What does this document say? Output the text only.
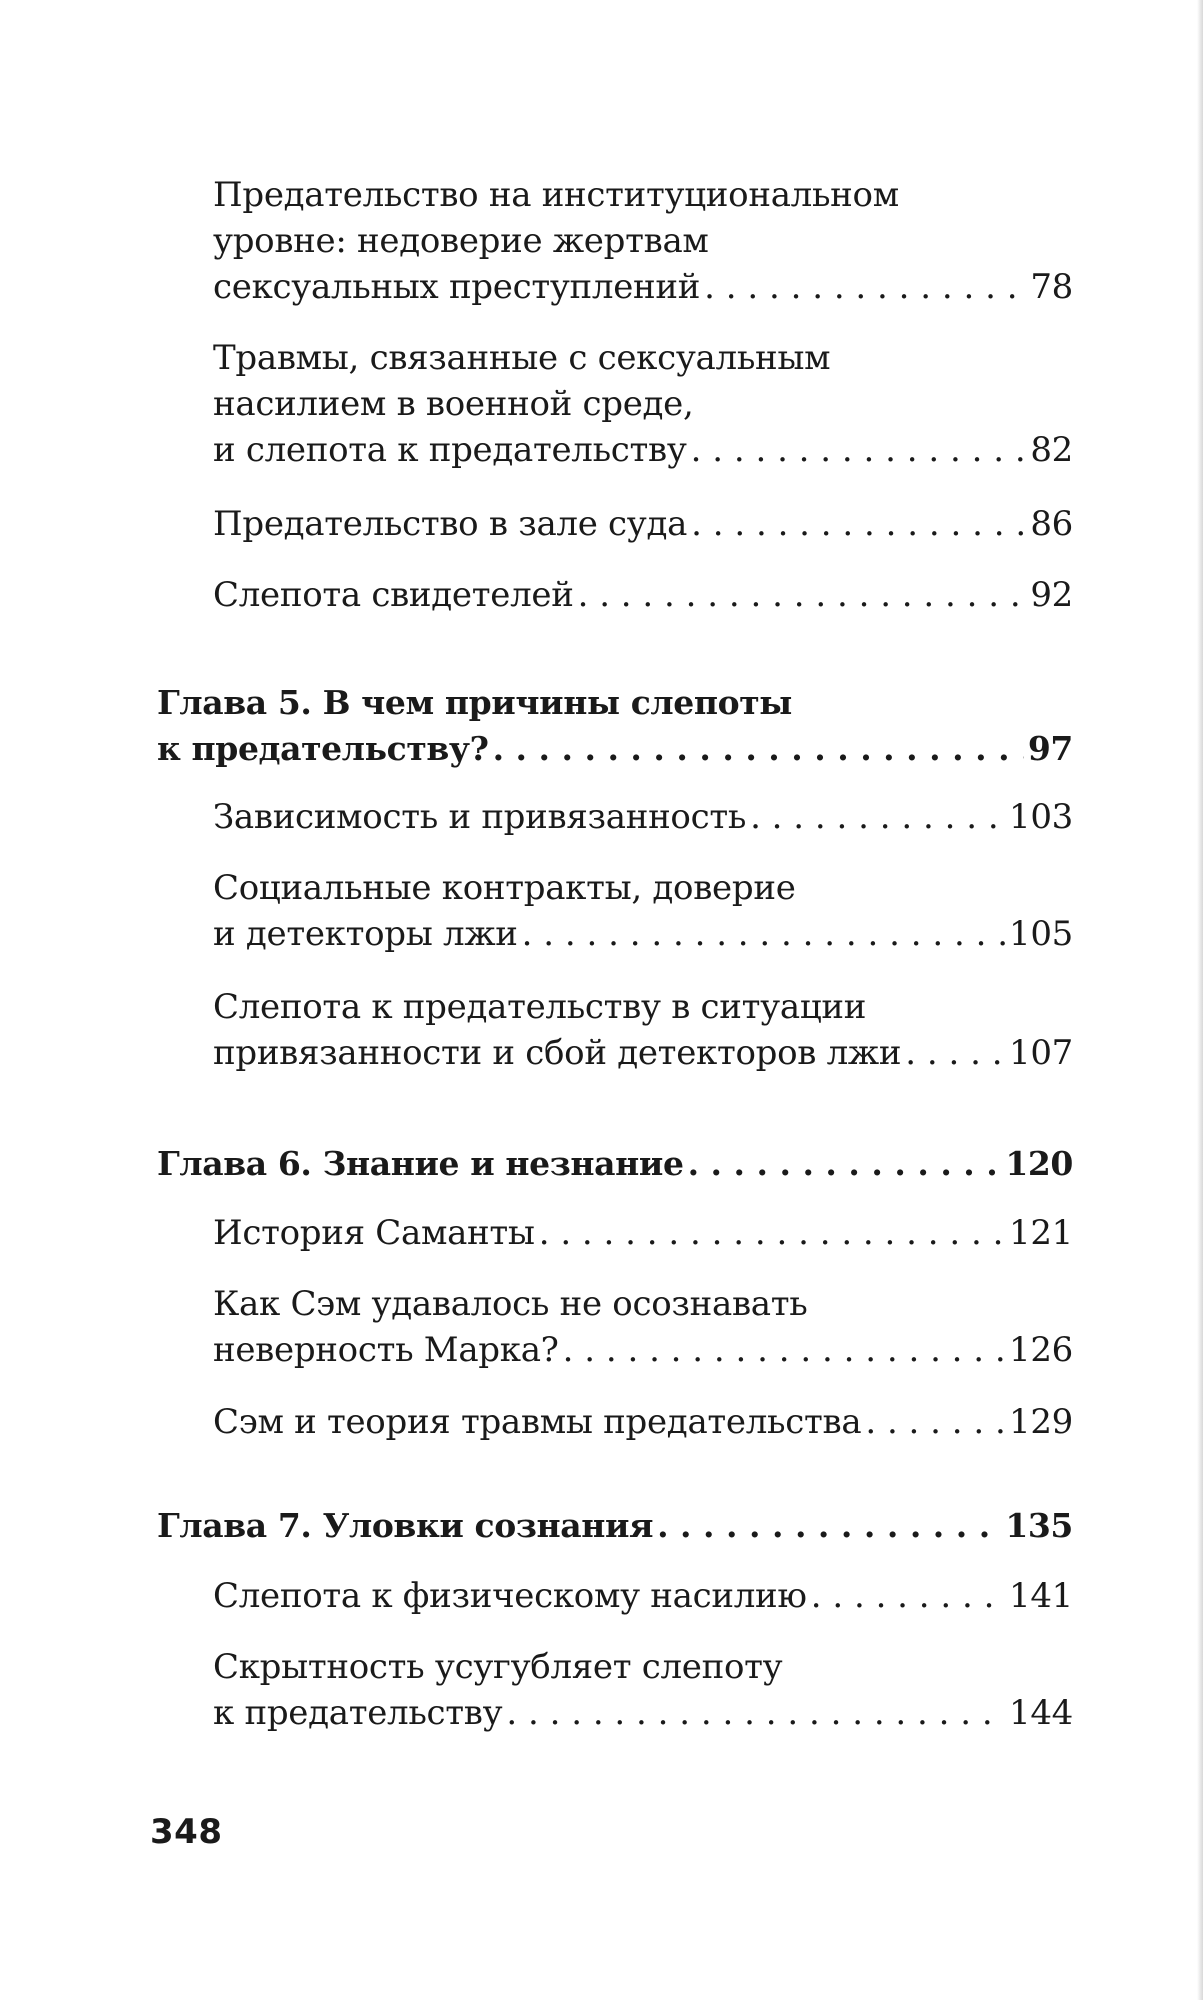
Предательство на институциональном
уровне: недоверие жертвам
сексуальных преступлений . . .	78
Травмы, связанные с сексуальным
насилием в военной среде,
и слепота к предательству . . .	82
Предательство в зале суда . . .	86
Слепота свидетелей . . .	92
Глава 5. В чем причины слепоты
к предательству? . . .	97
Зависимость и привязанность . . .	103
Социальные контракты, доверие
и детекторы лжи . . .	105
Слепота к предательству в ситуации
привязанности и сбой детекторов лжи . . .	107
Глава 6. Знание и незнание . . .	120
История Саманты . . .	121
Как Сэм удавалось не осознавать
неверность Марка? . . .	126
Сэм и теория травмы предательства . . .	129
Глава 7. Уловки сознания . . .	135
Слепота к физическому насилию . . .	141
Скрытность усугубляет слепоту
к предательству . . .	144
348
